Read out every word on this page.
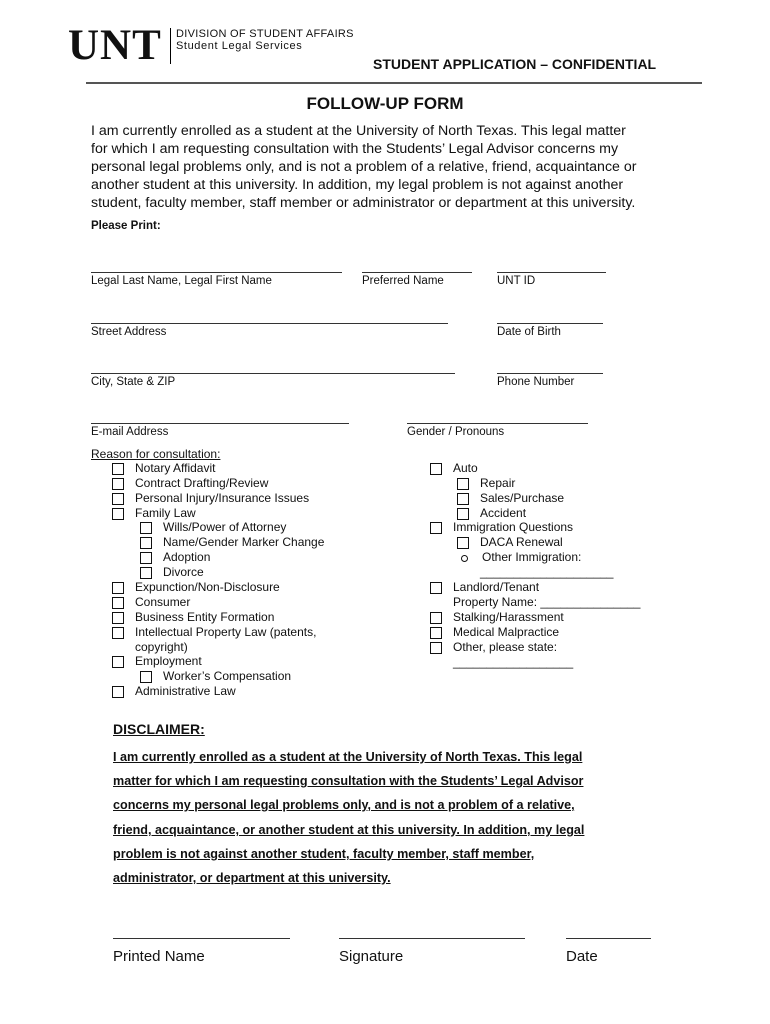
UNT DIVISION OF STUDENT AFFAIRS
Student Legal Services
STUDENT APPLICATION – CONFIDENTIAL
FOLLOW-UP FORM
I am currently enrolled as a student at the University of North Texas. This legal matter
for which I am requesting consultation with the Students’ Legal Advisor concerns my
personal legal problems only, and is not a problem of a relative, friend, acquaintance or
another student at this university. In addition, my legal problem is not against another
student, faculty member, staff member or administrator or department at this university.
Please Print:
Legal Last Name, Legal First Name	Preferred Name	UNT ID
Street Address	Date of Birth
City, State & ZIP	Phone Number
E-mail Address	Gender / Pronouns
Reason for consultation:
Notary Affidavit
Contract Drafting/Review
Personal Injury/Insurance Issues
Family Law
Wills/Power of Attorney
Name/Gender Marker Change
Adoption
Divorce
Expunction/Non-Disclosure
Consumer
Business Entity Formation
Intellectual Property Law (patents,
copyright)
Employment
Worker’s Compensation
Administrative Law
Auto
Repair
Sales/Purchase
Accident
Immigration Questions
DACA Renewal
Other Immigration:
____________________
Landlord/Tenant
Property Name: _______________
Stalking/Harassment
Medical Malpractice
Other, please state:
__________________
DISCLAIMER:
I am currently enrolled as a student at the University of North Texas. This legal
matter for which I am requesting consultation with the Students’ Legal Advisor
concerns my personal legal problems only, and is not a problem of a relative,
friend, acquaintance, or another student at this university. In addition, my legal
problem is not against another student, faculty member, staff member,
administrator, or department at this university.
Printed Name	Signature	Date
